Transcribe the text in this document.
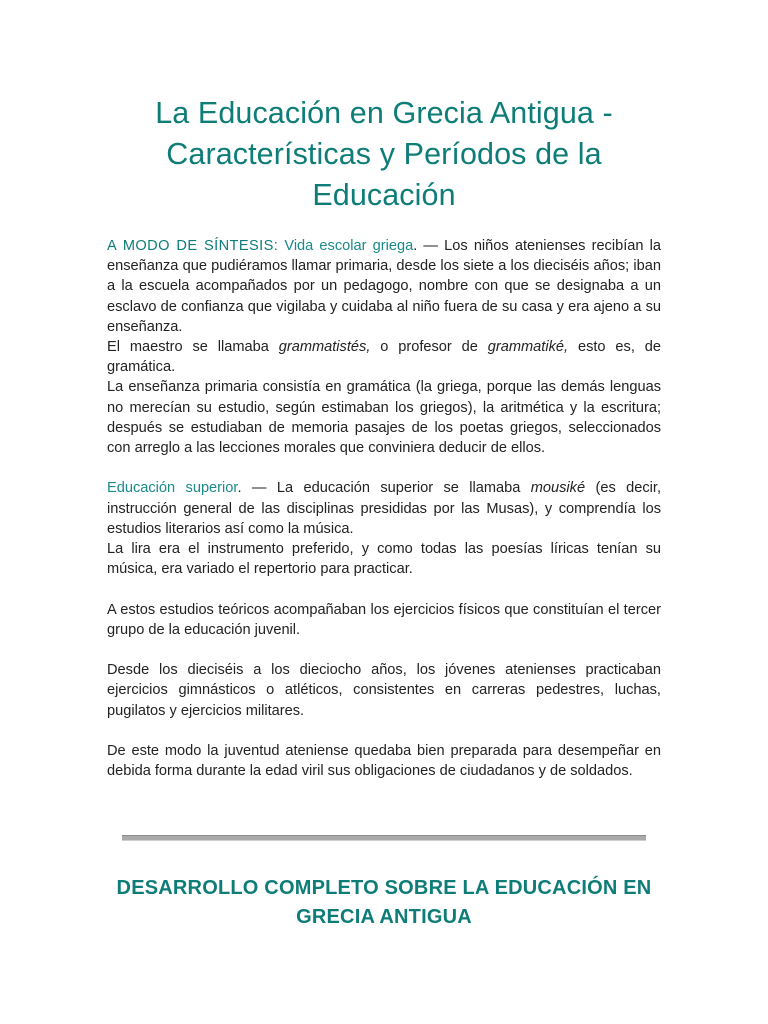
La Educación en Grecia Antigua - Características y Períodos de la Educación

A MODO DE SÍNTESIS: Vida escolar griega. — Los niños atenienses recibían la enseñanza que pudiéramos llamar primaria, desde los siete a los dieciséis años; iban a la escuela acompañados por un pedagogo, nombre con que se designaba a un esclavo de confianza que vigilaba y cuidaba al niño fuera de su casa y era ajeno a su enseñanza.

El maestro se llamaba grammatistés, o profesor de grammatiké, esto es, de gramática.

La enseñanza primaria consistía en gramática (la griega, porque las demás lenguas no merecían su estudio, según estimaban los griegos), la aritmética y la escritura; después se estudiaban de memoria pasajes de los poetas griegos, seleccionados con arreglo a las lecciones morales que conviniera deducir de ellos.

Educación superior. — La educación superior se llamaba mousiké (es decir, instrucción general de las disciplinas presididas por las Musas), y comprendía los estudios literarios así como la música.

La lira era el instrumento preferido, y como todas las poesías líricas tenían su música, era variado el repertorio para practicar.

A estos estudios teóricos acompañaban los ejercicios físicos que constituían el tercer grupo de la educación juvenil.

Desde los dieciséis a los dieciocho años, los jóvenes atenienses practicaban ejercicios gimnásticos o atléticos, consistentes en carreras pedestres, luchas, pugilatos y ejercicios militares.

De este modo la juventud ateniense quedaba bien preparada para desempeñar en debida forma durante la edad viril sus obligaciones de ciudadanos y de soldados.

DESARROLLO COMPLETO SOBRE LA EDUCACIÓN EN GRECIA ANTIGUA
